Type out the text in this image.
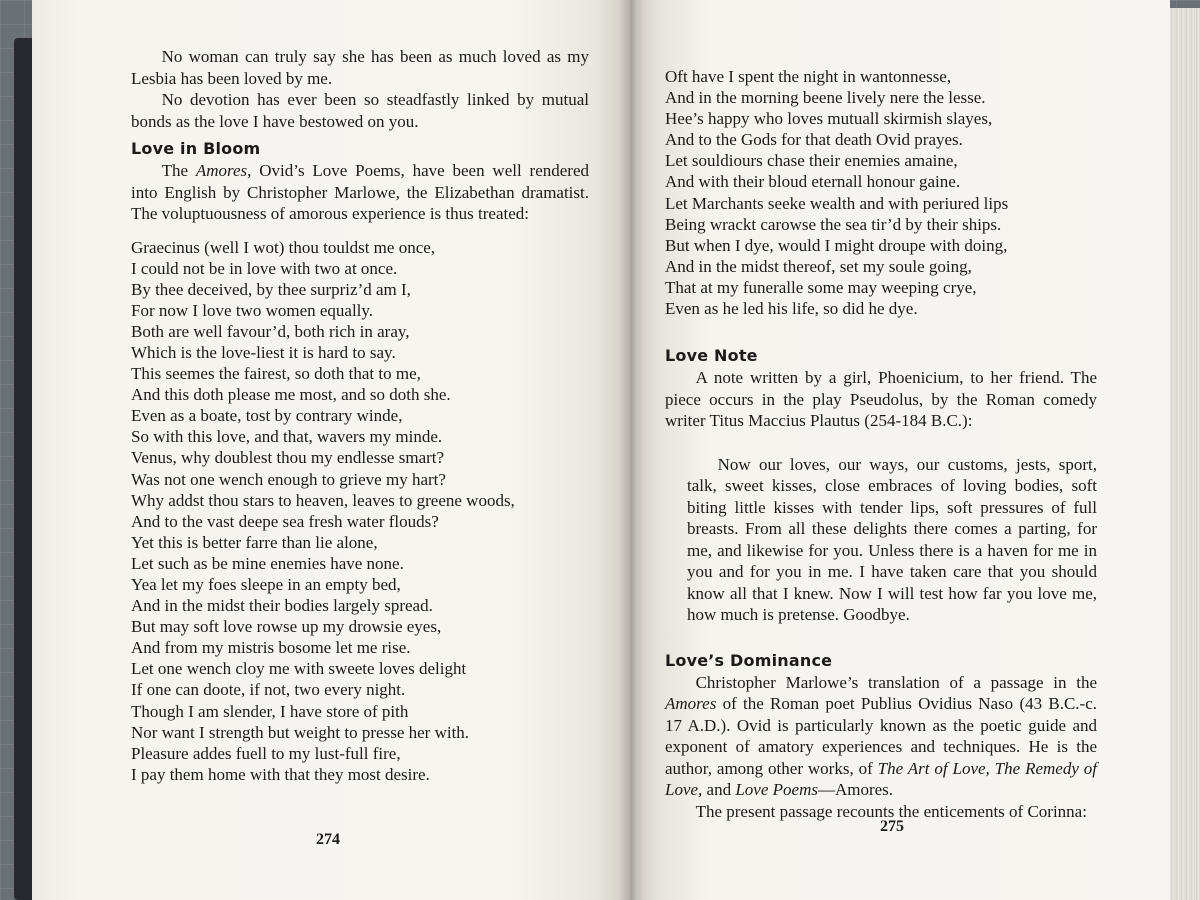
No woman can truly say she has been as much loved as my Lesbia has been loved by me.

No devotion has ever been so steadfastly linked by mutual bonds as the love I have bestowed on you.

Love in Bloom

The Amores, Ovid’s Love Poems, have been well rendered into English by Christopher Marlowe, the Elizabethan dramatist. The voluptuousness of amorous experience is thus treated:

Graecinus (well I wot) thou touldst me once,
I could not be in love with two at once.
By thee deceived, by thee surpriz’d am I,
For now I love two women equally.
Both are well favour’d, both rich in aray,
Which is the love-liest it is hard to say.
This seemes the fairest, so doth that to me,
And this doth please me most, and so doth she.
Even as a boate, tost by contrary winde,
So with this love, and that, wavers my minde.
Venus, why doublest thou my endlesse smart?
Was not one wench enough to grieve my hart?
Why addst thou stars to heaven, leaves to greene woods,
And to the vast deepe sea fresh water flouds?
Yet this is better farre than lie alone,
Let such as be mine enemies have none.
Yea let my foes sleepe in an empty bed,
And in the midst their bodies largely spread.
But may soft love rowse up my drowsie eyes,
And from my mistris bosome let me rise.
Let one wench cloy me with sweete loves delight
If one can doote, if not, two every night.
Though I am slender, I have store of pith
Nor want I strength but weight to presse her with.
Pleasure addes fuell to my lust-full fire,
I pay them home with that they most desire.
274
Oft have I spent the night in wantonnesse,
And in the morning beene lively nere the lesse.
Hee’s happy who loves mutuall skirmish slayes,
And to the Gods for that death Ovid prayes.
Let souldiours chase their enemies amaine,
And with their bloud eternall honour gaine.
Let Marchants seeke wealth and with periured lips
Being wrackt carowse the sea tir’d by their ships.
But when I dye, would I might droupe with doing,
And in the midst thereof, set my soule going,
That at my funeralle some may weeping crye,
Even as he led his life, so did he dye.

Love Note

A note written by a girl, Phoenicium, to her friend. The piece occurs in the play Pseudolus, by the Roman comedy writer Titus Maccius Plautus (254-184 B.C.):

Now our loves, our ways, our customs, jests, sport, talk, sweet kisses, close embraces of loving bodies, soft biting little kisses with tender lips, soft pressures of full breasts. From all these delights there comes a parting, for me, and likewise for you. Unless there is a haven for me in you and for you in me. I have taken care that you should know all that I knew. Now I will test how far you love me, how much is pretense. Goodbye.

Love’s Dominance

Christopher Marlowe’s translation of a passage in the Amores of the Roman poet Publius Ovidius Naso (43 B.C.-c. 17 A.D.). Ovid is particularly known as the poetic guide and exponent of amatory experiences and techniques. He is the author, among other works, of The Art of Love, The Remedy of Love, and Love Poems—Amores.

The present passage recounts the enticements of Corinna:

275
